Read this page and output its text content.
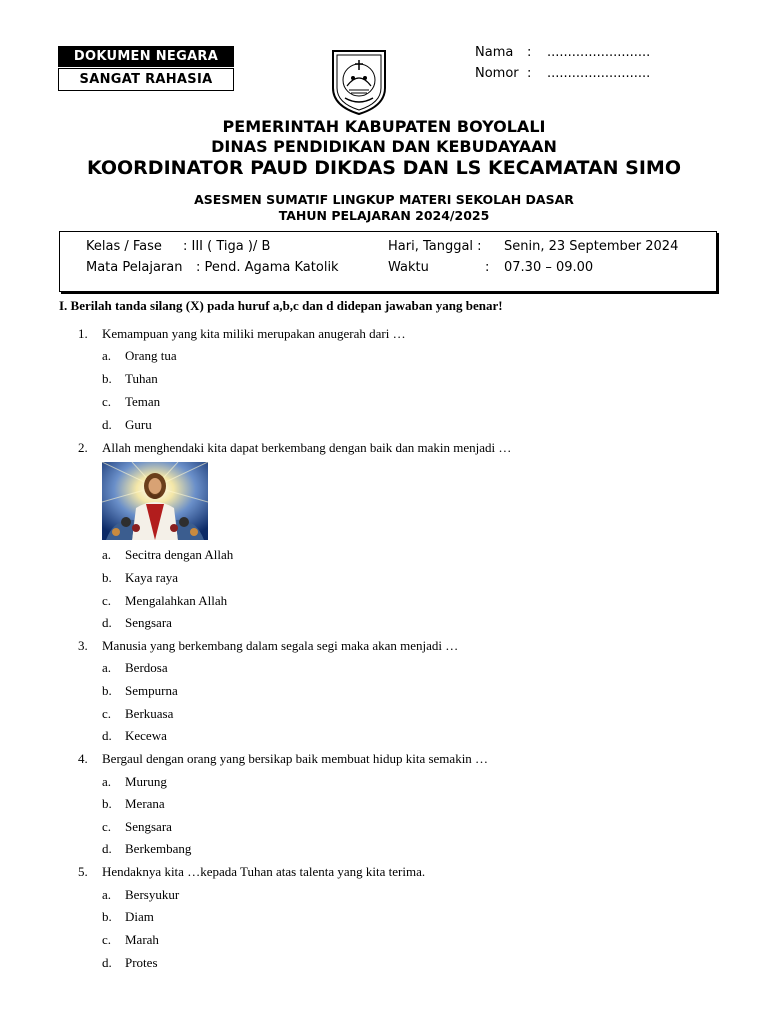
DOKUMEN NEGARA
SANGAT RAHASIA
Nama : .........................
Nomor : .........................
PEMERINTAH KABUPATEN BOYOLALI
DINAS PENDIDIKAN DAN KEBUDAYAAN
KOORDINATOR PAUD DIKDAS DAN LS KECAMATAN SIMO
ASESMEN SUMATIF LINGKUP MATERI SEKOLAH DASAR
TAHUN PELAJARAN 2024/2025
Kelas / Fase : III ( Tiga )/ B
Mata Pelajaran : Pend. Agama Katolik
Hari, Tanggal : Senin, 23 September 2024
Waktu	: 07.30 – 09.00
I. Berilah tanda silang (X) pada huruf a,b,c dan d didepan jawaban yang benar!
1. Kemampuan yang kita miliki merupakan anugerah dari …
a. Orang tua
b. Tuhan
c. Teman
d. Guru
2. Allah menghendaki kita dapat berkembang dengan baik dan makin menjadi …
a. Secitra dengan Allah
b. Kaya raya
c. Mengalahkan Allah
d. Sengsara
3. Manusia yang berkembang dalam segala segi maka akan menjadi …
a. Berdosa
b. Sempurna
c. Berkuasa
d. Kecewa
4. Bergaul dengan orang yang bersikap baik membuat hidup kita semakin …
a. Murung
b. Merana
c. Sengsara
d. Berkembang
5. Hendaknya kita …kepada Tuhan atas talenta yang kita terima.
a. Bersyukur
b. Diam
c. Marah
d. Protes
